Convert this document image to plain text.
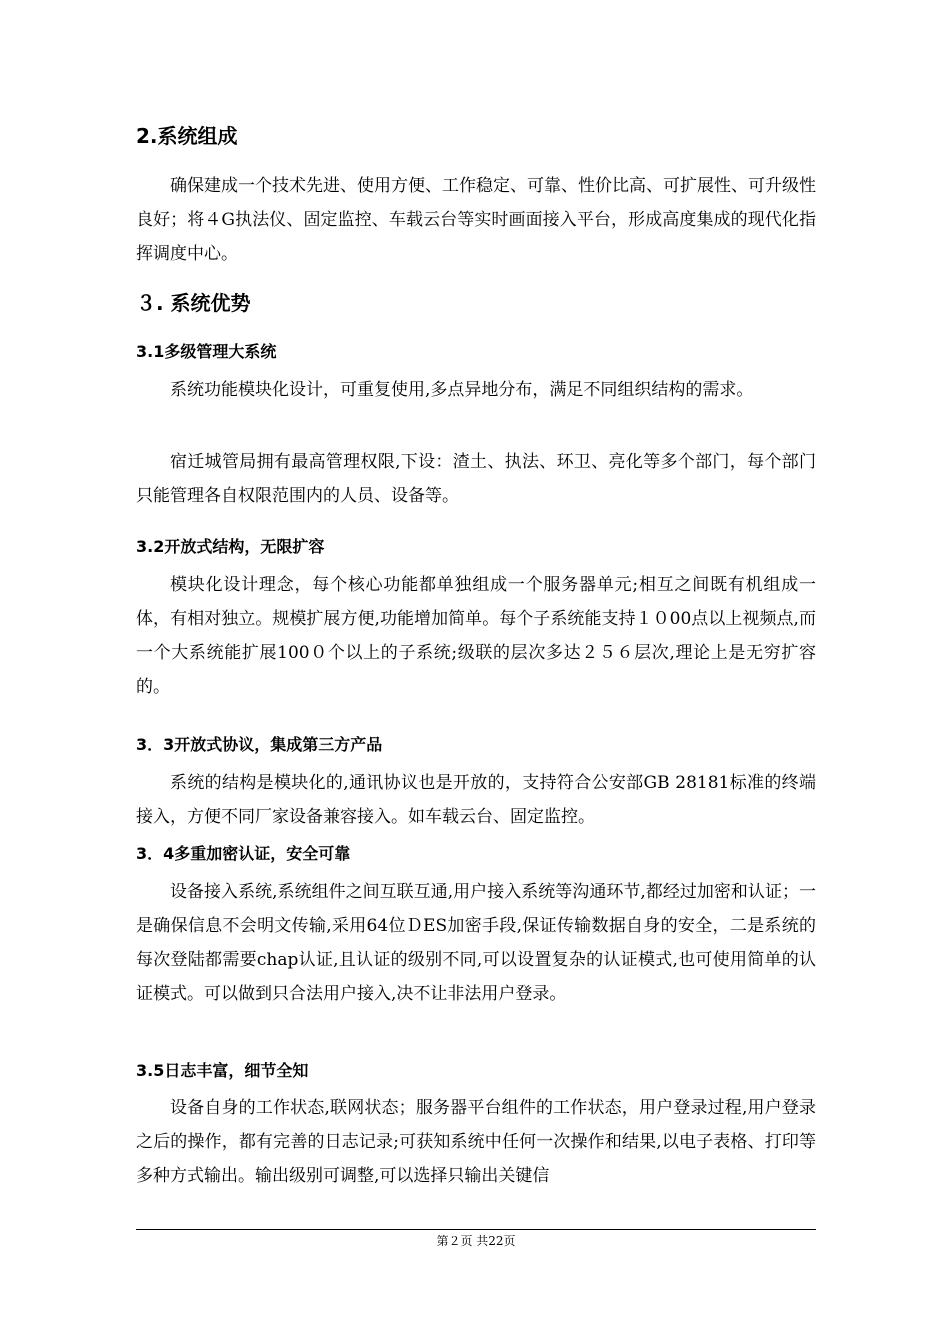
2.系统组成

确保建成一个技术先进、使用方便、工作稳定、可靠、性价比高、可扩展性、可升级性良好；将４G执法仪、固定监控、车载云台等实时画面接入平台，形成高度集成的现代化指挥调度中心。

３. 系统优势
3.1多级管理大系统

系统功能模块化设计，可重复使用,多点异地分布，满足不同组织结构的需求。

宿迁城管局拥有最高管理权限,下设：渣土、执法、环卫、亮化等多个部门，每个部门只能管理各自权限范围内的人员、设备等。

3.2开放式结构，无限扩容

模块化设计理念，每个核心功能都单独组成一个服务器单元;相互之间既有机组成一体，有相对独立。规模扩展方便,功能增加简单。每个子系统能支持１０00点以上视频点,而一个大系统能扩展100０个以上的子系统;级联的层次多达２５６层次,理论上是无穷扩容的。

3．3开放式协议，集成第三方产品

系统的结构是模块化的,通讯协议也是开放的，支持符合公安部GB 28181标准的终端接入，方便不同厂家设备兼容接入。如车载云台、固定监控。

3．4多重加密认证，安全可靠

设备接入系统,系统组件之间互联互通,用户接入系统等沟通环节,都经过加密和认证；一是确保信息不会明文传输,采用64位ＤES加密手段,保证传输数据自身的安全，二是系统的每次登陆都需要chap认证,且认证的级别不同,可以设置复杂的认证模式,也可使用简单的认证模式。可以做到只合法用户接入,决不让非法用户登录。

3.5日志丰富，细节全知

设备自身的工作状态,联网状态；服务器平台组件的工作状态，用户登录过程,用户登录之后的操作，都有完善的日志记录;可获知系统中任何一次操作和结果,以电子表格、打印等多种方式输出。输出级别可调整,可以选择只输出关键信

第２页 共22页
